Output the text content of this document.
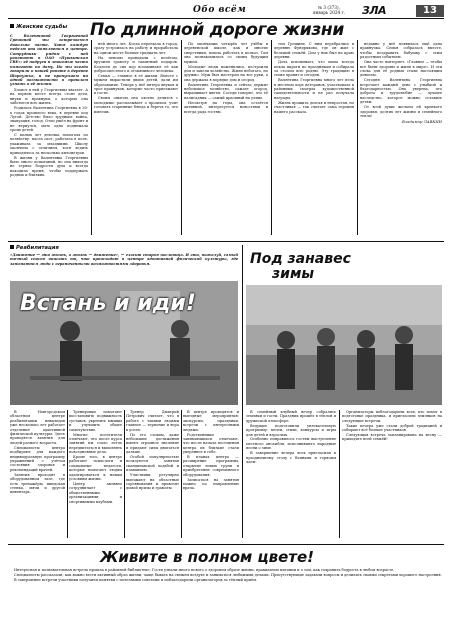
Обо всём	№ 3 (373),
январь 2024 г.	ЗЛА	13
Женские судьбы По длинной дороге жизни

С Валентиной Георгиевной Грешиной мы встречаемся довольно часто. Хотя каждую неделю она появляется в центре. Сотрудники рядом с ней работают в ОАО «Пушкинская ГВЕ»; её подруги и знакомые часто помогают по дому. Но мы всегда говорили о нашей работе в деревне Шарбужье, и не пропускаем ни одной возможности в прошлом узнать о её жизни.

Хлопот в ней у Георгиевны хватает. А на первом месте всегда стоят дети, внуки и правнуки, о которых она заботится всю жизнь.

Родилась Валентина Георгиевна в 30-х годах прошлого века, в деревне под Лугой. Детство было трудным: война, эвакуация, голод. Отец ушёл на фронт и не вернулся, мать одна поднимала троих детей.

С малых лет девочка помогала по хозяйству: пасла скот, работала в поле, ухаживала за младшими. Школу окончила с отличием, хотя ходить приходилось за несколько километров.

В жизни у Валентины Георгиевны было много испытаний, но она никогда не теряла бодрости духа и всегда находила время, чтобы поддержать родных и близких.

ней много лет. Когда переехала в город, сразу устроилась на работу и проработала на одном месте больше тридцати лет.

На пенсию проводили с почётом, вручили грамоту и памятный подарок. Коллеги до сих пор вспоминают её как добросовестного и отзывчивого человека.

Семья — главное в её жизни. Вместе с мужем вырастили двоих детей, дали им образование. Теперь у неё пятеро внуков и трое правнуков, которые часто приезжают в гости.

Своим опытом она охотно делится с молодыми: рассказывает о прошлом, учит готовить старинные блюда и беречь то, что имеешь.

По окончании четырёх лет учёбы в деревенской школе, как и многие сверстники, пошла работать в колхоз. Там она познакомилась со своим будущим мужем.

Молодые люди поженились, построили дом и завели хозяйство. Жили небогато, но дружно. Муж был мастером на все руки, а она держала в порядке дом и огород.

Валентина Георгиевна и сейчас держит небольшое хозяйство, сажает огород, выращивает цветы. Соседи говорят, что её палисадник — самый красивый на улице.

Несмотря на годы, она остаётся активной, интересуется новостями и всегда рада гостям.

тем Грешине. С ним перебрались в деревню Фундриково, где он жил с большой семьёй. Дом у них был на краю деревни.

Дочь вспоминает, что мама всегда пекла пироги по праздникам и собирала за столом всю родню. Эту традицию в семье хранят и сегодня.

Валентина Георгиевна много лет пела в местном хоре ветеранов, участвовала в районных смотрах художественной самодеятельности и не раз получала награды.

Жизнь прожита долгая и непростая, но счастливая — так считает сама героиня нашего рассказа.

недавно у неё появилась ещё одна правнучка. Семья собралась вместе, чтобы поздравить бабушку с этим радостным событием.

Она часто повторяет: «Главное — чтобы все были здоровы и жили в мире». И эти слова для её родных стали настоящим девизом.

Сегодня Валентина Георгиевна встречает каждый день с улыбкой и благодарностью. Она уверена, что доброта и трудолюбие — лучшее наследство, которое можно оставить детям.

От всей души желаем ей крепкого здоровья, долгих лет жизни и семейного тепла!

Владимир ЛАВКИН
Реабилитация

«Движение — это жизнь, а жизнь — движение», — гласит старая пословица. И это, пожалуй, самый точный способ описать то, что происходит в центре адаптивной физической культуры, где занимаются люди с ограниченными возможностями здоровья.

Встань и иди!

В Новгородском областном центре реабилитации инвалидов уже несколько лет работает отделение адаптивной физической культуры. Здесь проводятся занятия для людей разного возраста.

Специалисты центра подбирают для каждого индивидуальную программу упражнений с учётом состояния здоровья и рекомендаций врачей.

Занятия проходят в оборудованном зале, где есть тренажёры, шведская стенка, мячи и другой инвентарь.

Тренировки помогают восстановить подвижность суставов, укрепить мышцы и улучшить общее самочувствие.

Многие посетители отмечают, что после курса занятий им стало легче передвигаться и выполнять повседневные дела.

Кроме того, в центре работают психологи и социальные педагоги, которые помогают людям адаптироваться к новым условиям жизни.

Центр активно сотрудничает с общественными организациями и спортивными клубами.

Тренер Дмитрий Петрович считает, что в работе с такими людьми главное — терпение и вера в успех.

По его словам, даже небольшие достижения имеют огромное значение и придают силы двигаться дальше.

Особой популярностью пользуются занятия скандинавской ходьбой и плаванием.

Участники регулярно выезжают на областные соревнования и привозят домой призы и грамоты.

В центре проводятся и выездные мероприятия: экскурсии, праздники, встречи с интересными людьми.

Родственники занимающихся отмечают, что после начала посещения центра их близкие стали увереннее в себе.

В планах центра — расширение программы, открытие новых групп и приобретение современного оборудования.

Записаться на занятия можно по направлению врача.

Под занавес
зимы

В семейный клубный вечер собрались земляки и гости. Праздник прошёл в тёплой и дружеской атмосфере.

Ведущие подготовили увлекательную программу: песни, стихи, конкурсы и игры для детей и взрослых.

Особенно понравилось гостям выступление местного ансамбля, исполнившего народные песни о зиме.

В завершение вечера всех пригласили к праздничному столу с блинами и горячим чаем.

Организаторы поблагодарили всех, кто помог в подготовке праздника, и пригласили земляков на следующие встречи.

Такие вечера уже стали доброй традицией и собирают всё больше участников.

Следующая встреча запланирована на весну — приходите всей семьёй!

Живите в полном цвете!

Интересная и познавательная встреча прошла в районной библиотеке. Гости узнали много нового о здоровом образе жизни, правильном питании и о том, как сохранить бодрость в любом возрасте.

Специалисты рассказали, как важно вести активный образ жизни, чаще бывать на свежем воздухе и заниматься любимыми делами. Присутствующие задавали вопросы и делились своими секретами хорошего настроения.

В завершение встречи участники получили памятки с полезными советами и поблагодарили организаторов за тёплый приём.
